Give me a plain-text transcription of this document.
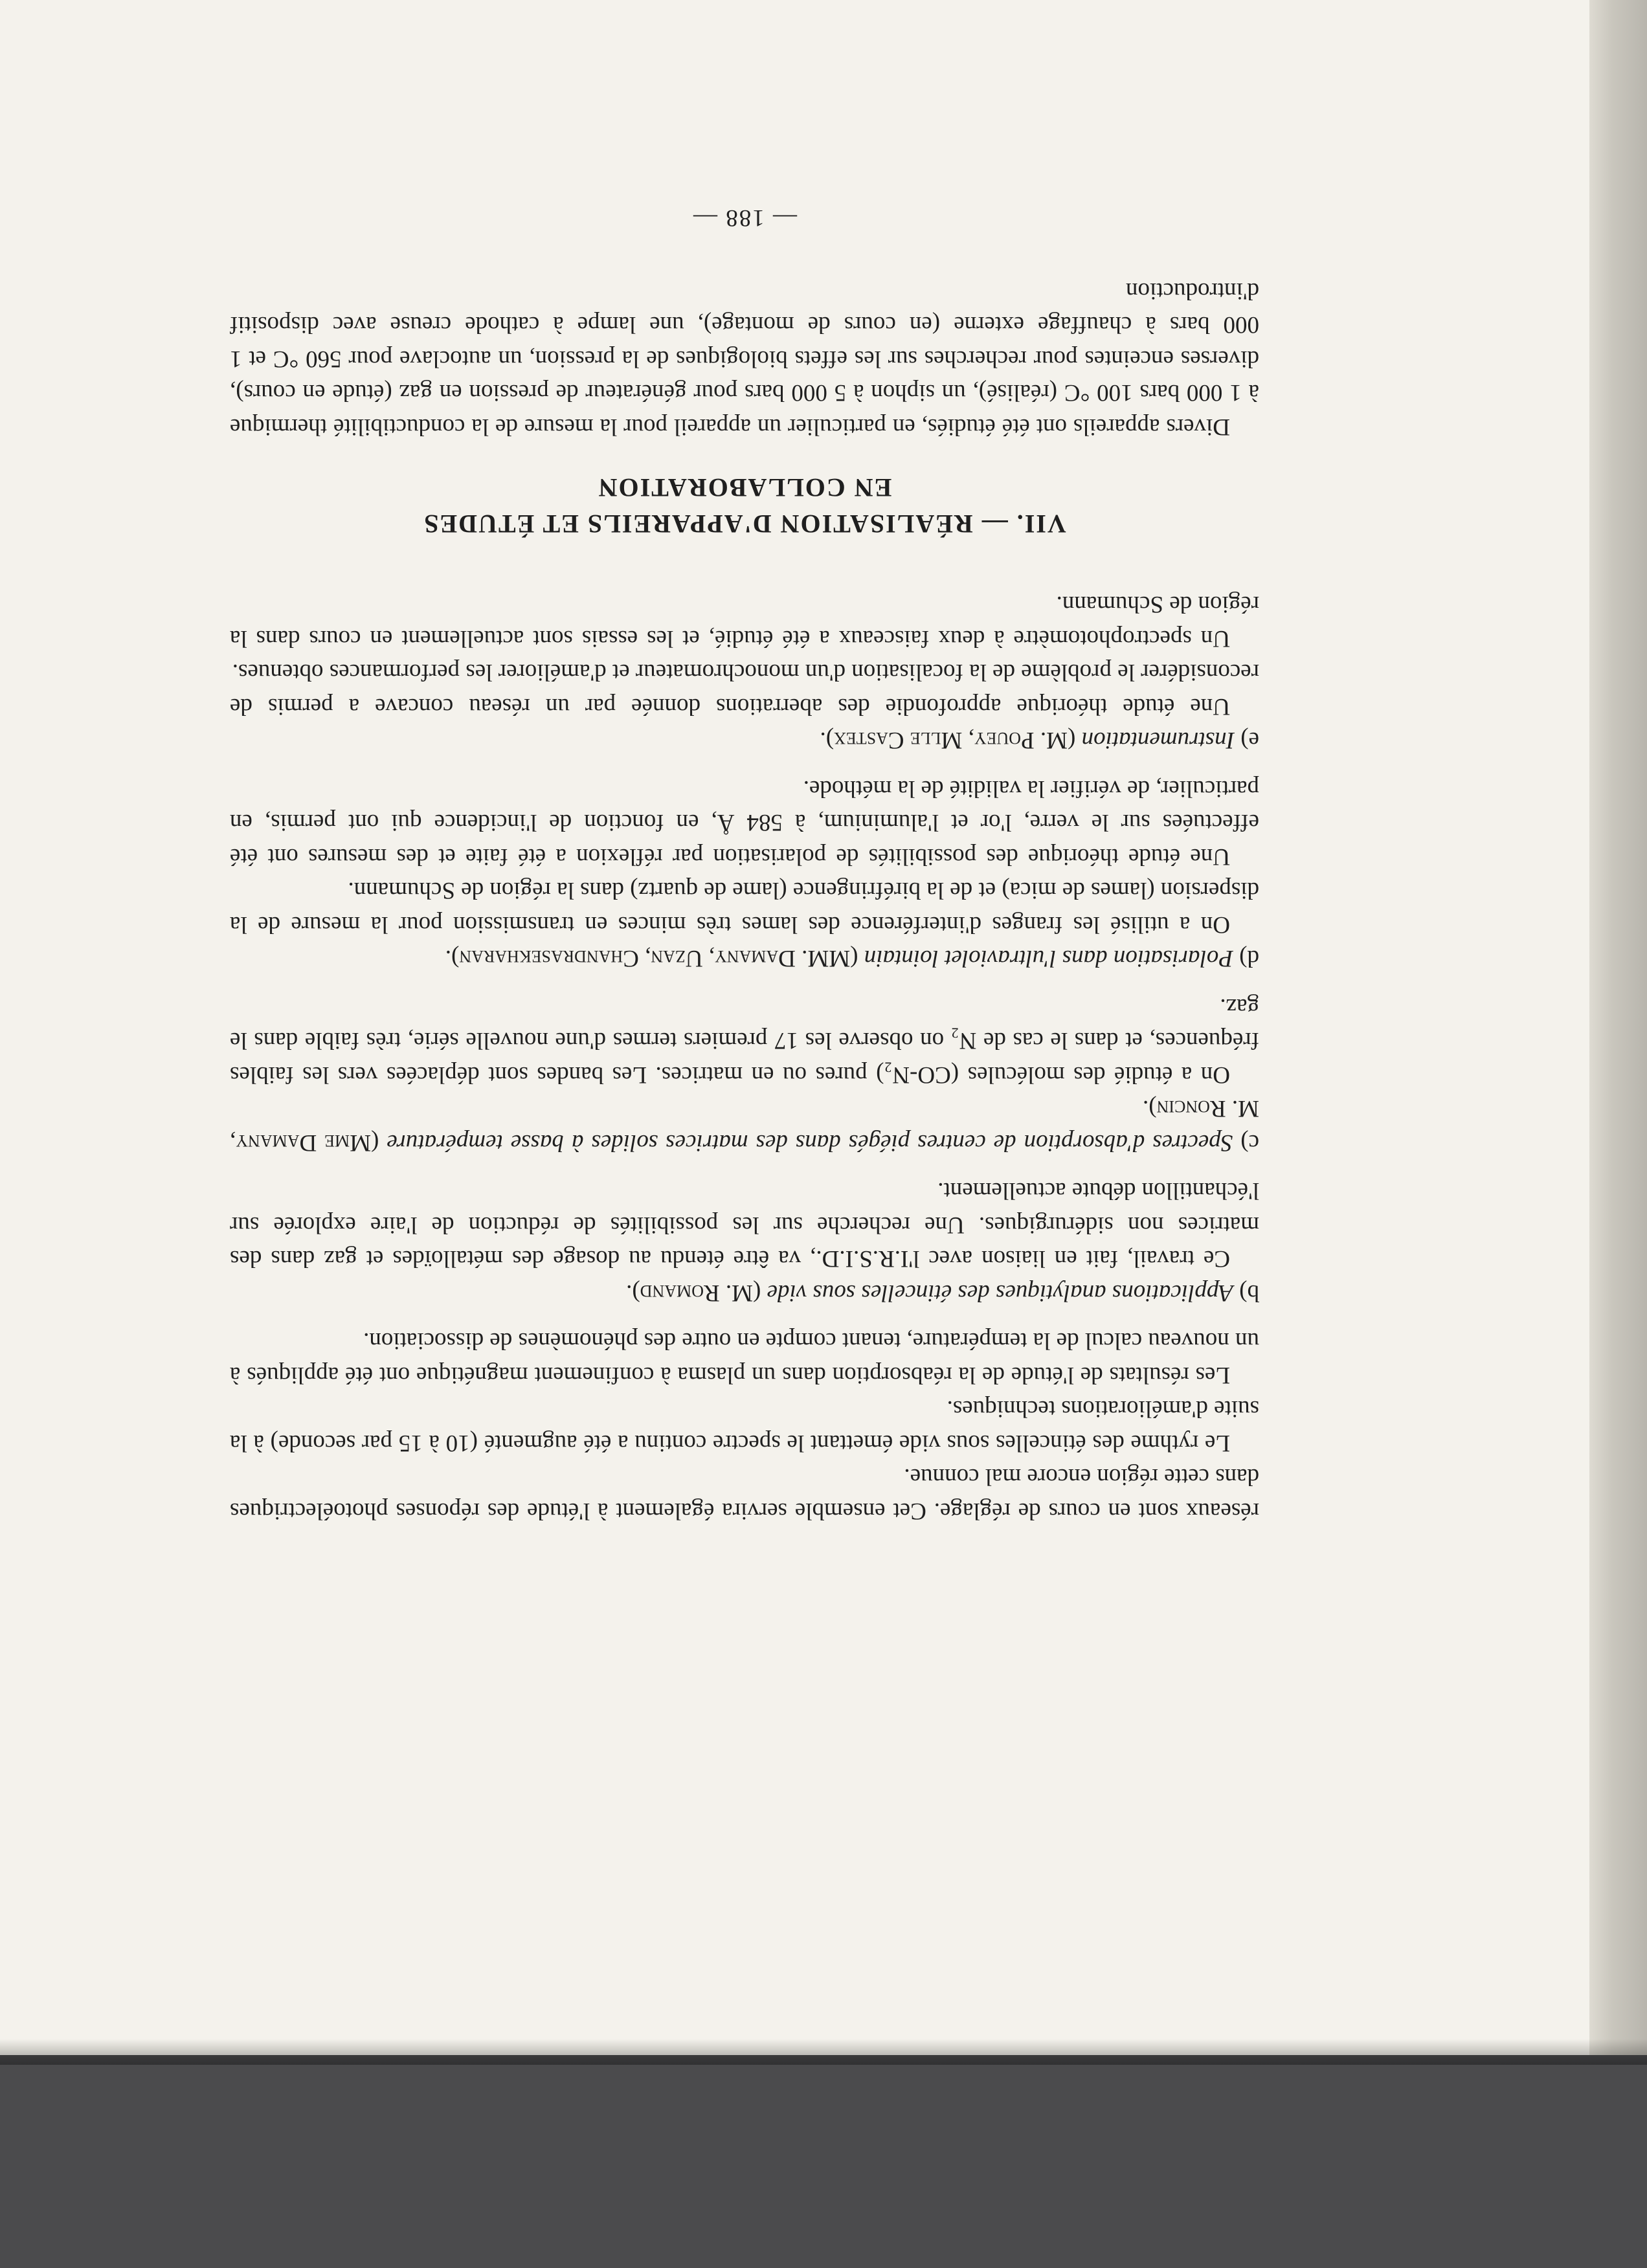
réseaux sont en cours de réglage. Cet ensemble servira également à l'étude des réponses photoélectriques dans cette région encore mal connue.

Le rythme des étincelles sous vide émettant le spectre continu a été augmenté (10 à 15 par seconde) à la suite d'améliorations techniques.

Les résultats de l'étude de la réabsorption dans un plasma à confinement magnétique ont été appliqués à un nouveau calcul de la température, tenant compte en outre des phénomènes de dissociation.

b) Applications analytiques des étincelles sous vide (M. Romand).

Ce travail, fait en liaison avec l'I.R.S.I.D., va être étendu au dosage des métalloïdes et gaz dans des matrices non sidérurgiques. Une recherche sur les possibilités de réduction de l'aire explorée sur l'échantillon débute actuellement.

c) Spectres d'absorption de centres piégés dans des matrices solides à basse température (Mme Damany, M. Roncin).

On a étudié des molécules (CO-N₂) pures ou en matrices. Les bandes sont déplacées vers les faibles fréquences, et dans le cas de N₂ on observe les 17 premiers termes d'une nouvelle série, très faible dans le gaz.

d) Polarisation dans l'ultraviolet lointain (MM. Damany, Uzan, Chandrasekharan).

On a utilisé les franges d'interférence des lames très minces en transmission pour la mesure de la dispersion (lames de mica) et de la biréfringence (lame de quartz) dans la région de Schumann.

Une étude théorique des possibilités de polarisation par réflexion a été faite et des mesures ont été effectuées sur le verre, l'or et l'aluminium, à 584 Å, en fonction de l'incidence qui ont permis, en particulier, de vérifier la validité de la méthode.

e) Instrumentation (M. Pouey, Mlle Castex).

Une étude théorique approfondie des aberrations donnée par un réseau concave a permis de reconsidérer le problème de la focalisation d'un monochromateur et d'améliorer les performances obtenues.

Un spectrophotomètre à deux faisceaux a été étudié, et les essais sont actuellement en cours dans la région de Schumann.

VII. — RÉALISATION D'APPAREILS ET ÉTUDES
EN COLLABORATION

Divers appareils ont été étudiés, en particulier un appareil pour la mesure de la conductibilité thermique à 1 000 bars 100 °C (réalisé), un siphon à 5 000 bars pour générateur de pression en gaz (étude en cours), diverses enceintes pour recherches sur les effets biologiques de la pression, un autoclave pour 560 °C et 1 000 bars à chauffage externe (en cours de montage), une lampe à cathode creuse avec dispositif d'introduction

— 188 —
